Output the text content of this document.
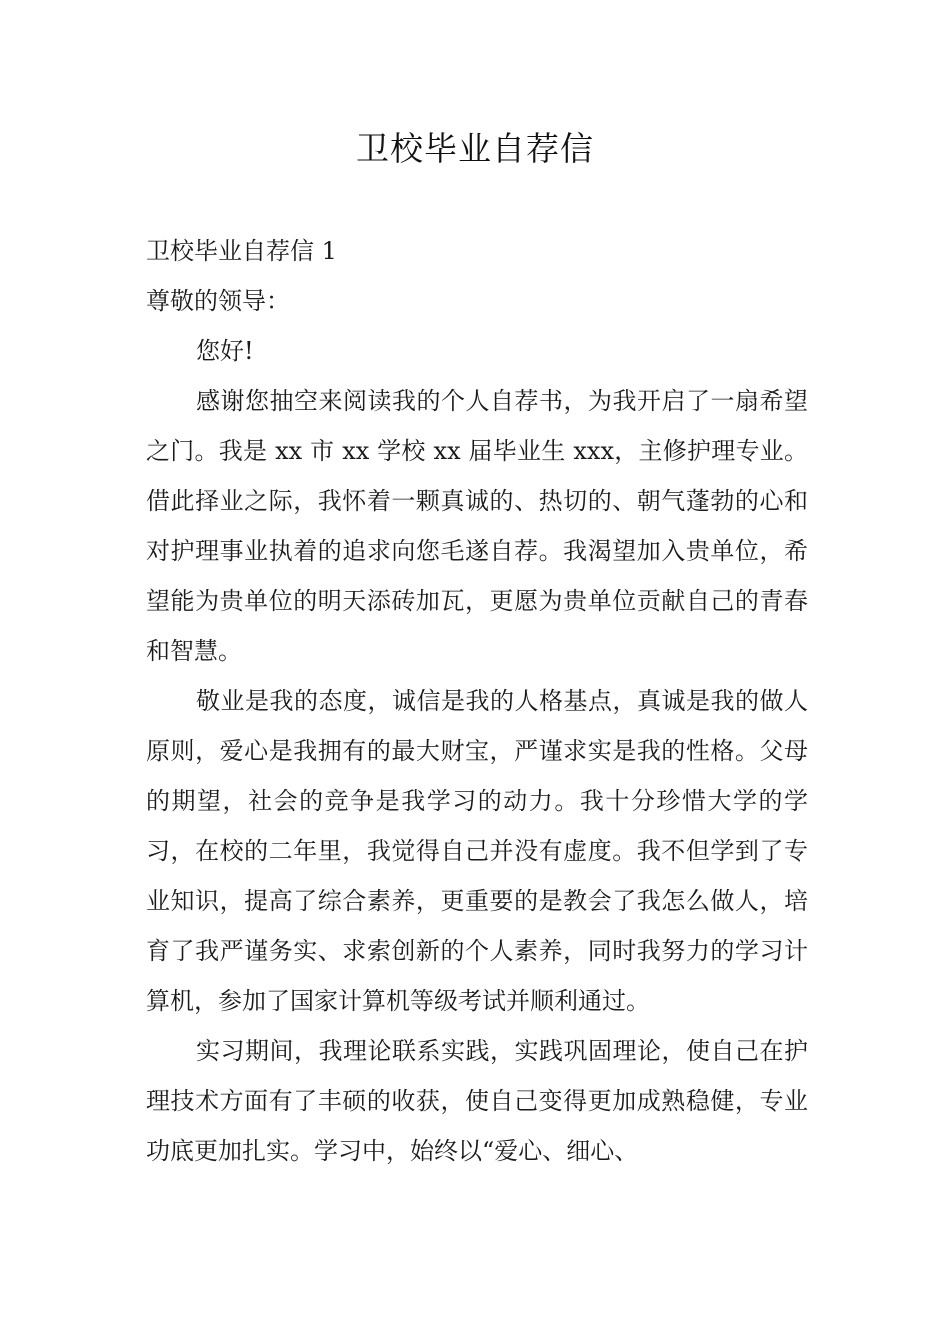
卫校毕业自荐信

卫校毕业自荐信 1

尊敬的领导：

您好!

感谢您抽空来阅读我的个人自荐书，为我开启了一扇希望之门。我是 xx 市 xx 学校 xx 届毕业生 xxx，主修护理专业。借此择业之际，我怀着一颗真诚的、热切的、朝气蓬勃的心和对护理事业执着的追求向您毛遂自荐。我渴望加入贵单位，希望能为贵单位的明天添砖加瓦，更愿为贵单位贡献自己的青春和智慧。

敬业是我的态度，诚信是我的人格基点，真诚是我的做人原则，爱心是我拥有的最大财宝，严谨求实是我的性格。父母的期望，社会的竞争是我学习的动力。我十分珍惜大学的学习，在校的二年里，我觉得自己并没有虚度。我不但学到了专业知识，提高了综合素养，更重要的是教会了我怎么做人，培育了我严谨务实、求索创新的个人素养，同时我努力的学习计算机，参加了国家计算机等级考试并顺利通过。

实习期间，我理论联系实践，实践巩固理论，使自己在护理技术方面有了丰硕的收获，使自己变得更加成熟稳健，专业功底更加扎实。学习中，始终以“爱心、细心、
